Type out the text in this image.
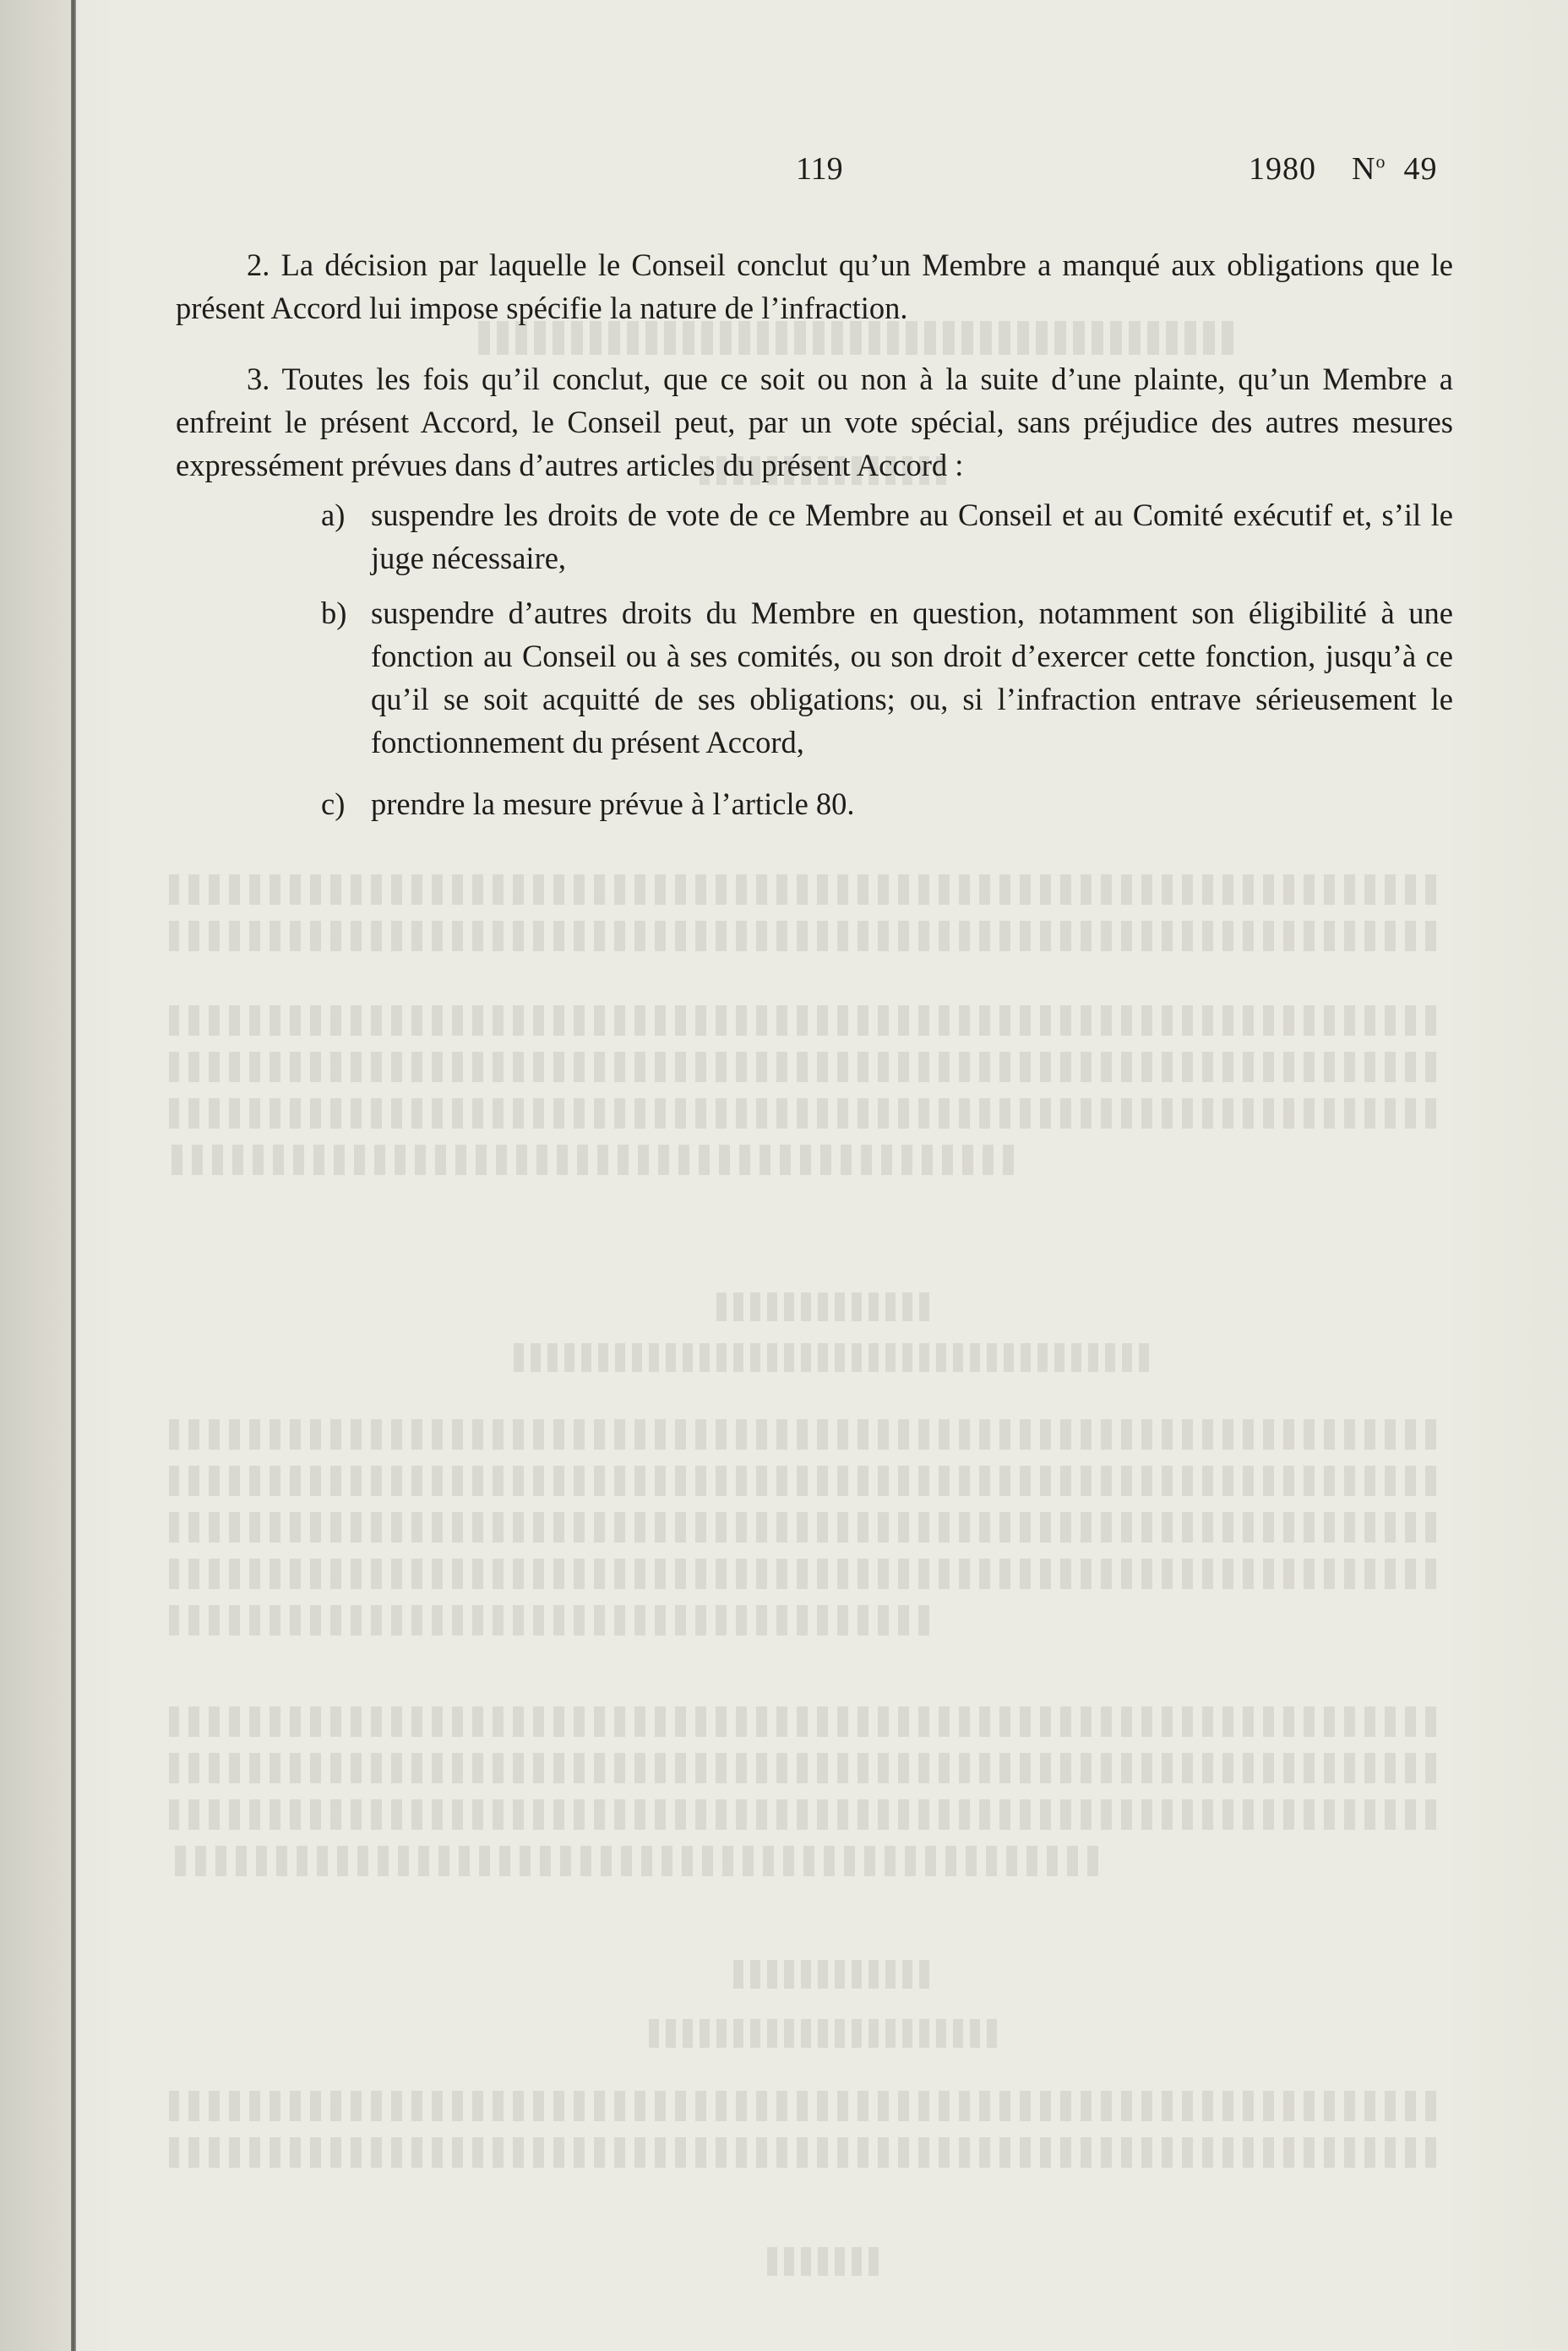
119	1980 $N^o$ 49

2. La décision par laquelle le Conseil conclut qu’un Membre a manqué aux obligations que le présent Accord lui impose spécifie la nature de l’infraction.

3. Toutes les fois qu’il conclut, que ce soit ou non à la suite d’une plainte, qu’un Membre a enfreint le présent Accord, le Conseil peut, par un vote spécial, sans préjudice des autres mesures expressément prévues dans d’autres articles du présent Accord :

a) suspendre les droits de vote de ce Membre au Conseil et au Comité exécutif et, s’il le juge nécessaire,
b) suspendre d’autres droits du Membre en question, notamment son éligibilité à une fonction au Conseil ou à ses comités, ou son droit d’exercer cette fonction, jusqu’à ce qu’il se soit acquitté de ses obligations; ou, si l’infraction entrave sérieusement le fonctionnement du présent Accord,
c) prendre la mesure prévue à l’article 80.
